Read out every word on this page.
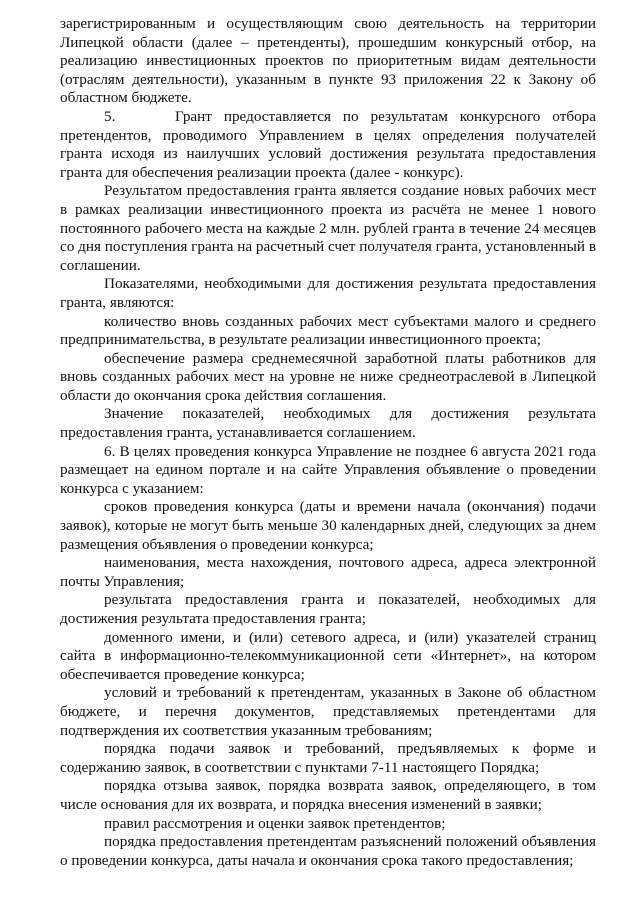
зарегистрированным и осуществляющим свою деятельность на территории Липецкой области (далее – претенденты), прошедшим конкурсный отбор, на реализацию инвестиционных проектов по приоритетным видам деятельности (отраслям деятельности), указанным в пункте 93 приложения 22 к Закону об областном бюджете.

5.     Грант предоставляется по результатам конкурсного отбора претендентов, проводимого Управлением в целях определения получателей гранта исходя из наилучших условий достижения результата предоставления гранта для обеспечения реализации проекта (далее - конкурс).

Результатом предоставления гранта является создание новых рабочих мест в рамках реализации инвестиционного проекта из расчёта не менее 1 нового постоянного рабочего места на каждые 2 млн. рублей гранта в течение 24 месяцев со дня поступления гранта на расчетный счет получателя гранта, установленный в соглашении.

Показателями, необходимыми для достижения результата предоставления гранта, являются:

количество вновь созданных рабочих мест субъектами малого и среднего предпринимательства, в результате реализации инвестиционного проекта;

обеспечение размера среднемесячной заработной платы работников для вновь созданных рабочих мест на уровне не ниже среднеотраслевой в Липецкой области до окончания срока действия соглашения.

Значение показателей, необходимых для достижения результата предоставления гранта, устанавливается соглашением.

6. В целях проведения конкурса Управление не позднее 6 августа 2021 года размещает на едином портале и на сайте Управления объявление о проведении конкурса с указанием:

сроков проведения конкурса (даты и времени начала (окончания) подачи заявок), которые не могут быть меньше 30 календарных дней, следующих за днем размещения объявления о проведении конкурса;

наименования, места нахождения, почтового адреса, адреса электронной почты Управления;

результата предоставления гранта и показателей, необходимых для достижения результата предоставления гранта;

доменного имени, и (или) сетевого адреса, и (или) указателей страниц сайта в информационно-телекоммуникационной сети «Интернет», на котором обеспечивается проведение конкурса;

условий и требований к претендентам, указанных в Законе об областном бюджете, и перечня документов, представляемых претендентами для подтверждения их соответствия указанным требованиям;

порядка подачи заявок и требований, предъявляемых к форме и содержанию заявок, в соответствии с пунктами 7-11 настоящего Порядка;

порядка отзыва заявок, порядка возврата заявок, определяющего, в том числе основания для их возврата, и порядка внесения изменений в заявки;

правил рассмотрения и оценки заявок претендентов;

порядка предоставления претендентам разъяснений положений объявления о проведении конкурса, даты начала и окончания срока такого предоставления;
